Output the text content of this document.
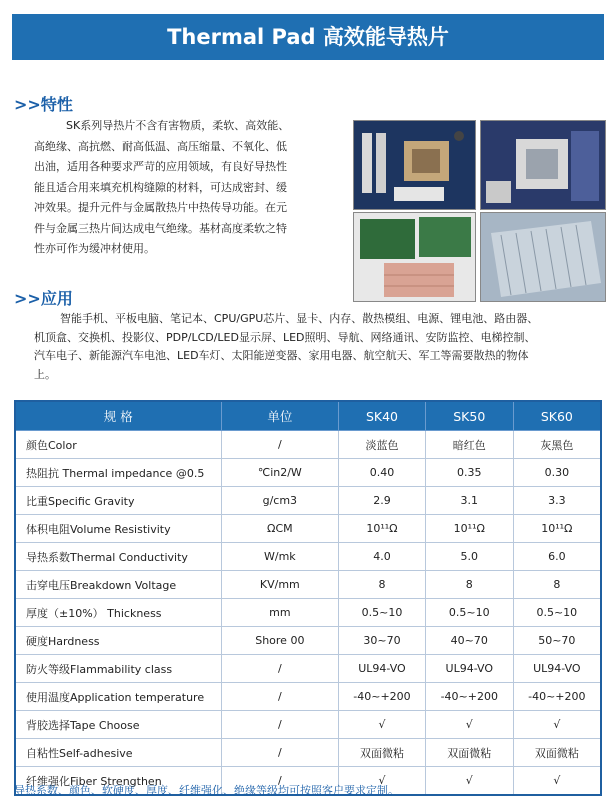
Thermal Pad 高效能导热片
>>特性
SK系列导热片不含有害物质，柔软、高效能、
高绝缘、高抗燃、耐高低温、高压缩量、不氧化、低
出油，适用各种要求严苛的应用领域，有良好导热性
能且适合用来填充机构缝隙的材料，可达成密封、缓
冲效果。提升元件与金属散热片中热传导功能。在元
件与金属三热片间达成电气绝缘。基材高度柔软之特
性亦可作为缓冲材使用。
>>应用
智能手机、平板电脑、笔记本、CPU/GPU芯片、显卡、内存、散热模组、电源、锂电池、路由器、
机顶盒、交换机、投影仪、PDP/LCD/LED显示屏、LED照明、导航、网络通讯、安防监控、电梯控制、
汽车电子、新能源汽车电池、LED车灯、太阳能逆变器、家用电器、航空航天、军工等需要散热的物体
上。
规 格	单位	SK40	SK50	SK60
颜色Color	/	淡蓝色	暗红色	灰黑色
热阻抗 Thermal impedance @0.5	℃in2/W	0.40	0.35	0.30
比重Specific Gravity	g/cm3	2.9	3.1	3.3
体积电阻Volume Resistivity	ΩCM	10¹¹Ω	10¹¹Ω	10¹¹Ω
导热系数Thermal Conductivity	W/mk	4.0	5.0	6.0
击穿电压Breakdown Voltage	KV/mm	8	8	8
厚度（±10%） Thickness	mm	0.5~10	0.5~10	0.5~10
硬度Hardness	Shore 00	30~70	40~70	50~70
防火等级Flammability class	/	UL94-VO	UL94-VO	UL94-VO
使用温度Application temperature	/	-40~+200	-40~+200	-40~+200
背胶选择Tape Choose	/	√	√	√
自粘性Self-adhesive	/	双面微粘	双面微粘	双面微粘
纤维强化Fiber Strengthen	/	√	√	√
导热系数、颜色、软硬度、厚度、纤维强化、绝缘等级均可按照客户要求定制。
